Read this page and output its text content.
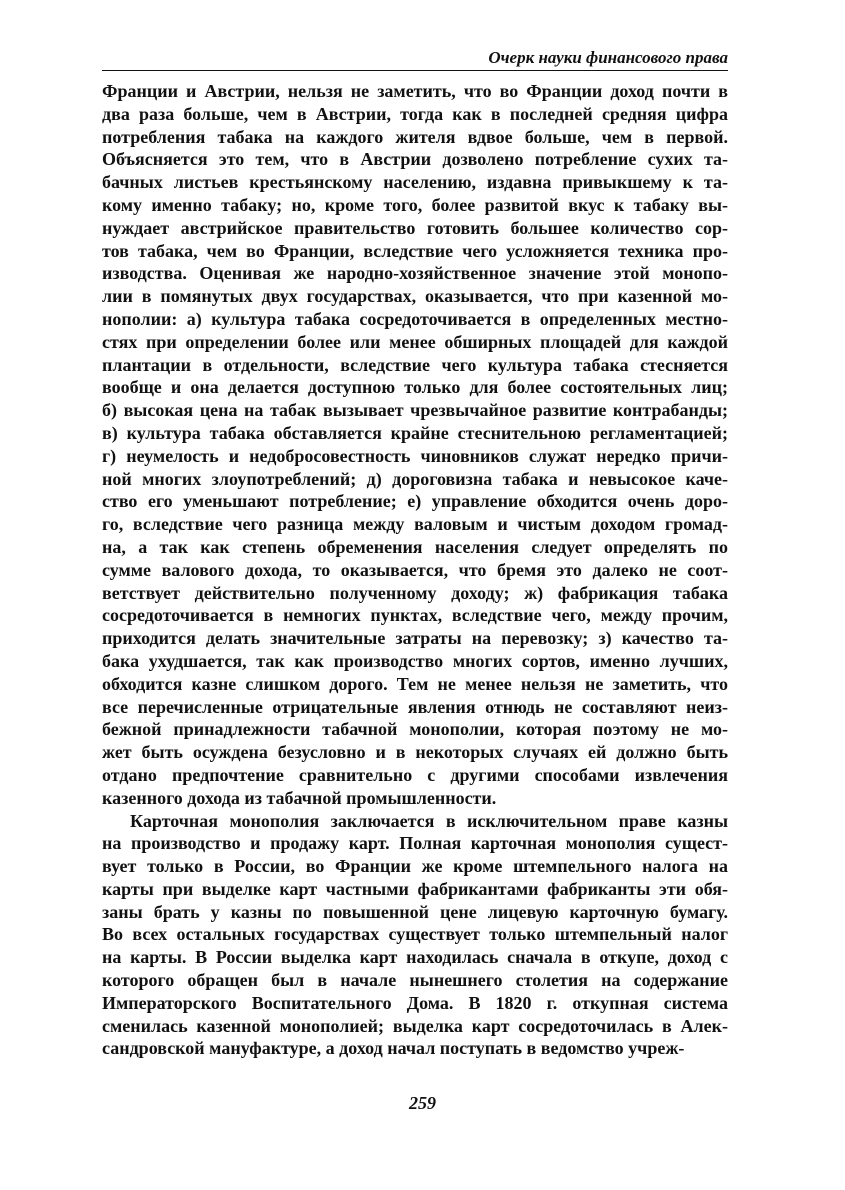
Очерк науки финансового права
Франции и Австрии, нельзя не заметить, что во Франции доход почти в
два раза больше, чем в Австрии, тогда как в последней средняя цифра
потребления табака на каждого жителя вдвое больше, чем в первой.
Объясняется это тем, что в Австрии дозволено потребление сухих та-
бачных листьев крестьянскому населению, издавна привыкшему к та-
кому именно табаку; но, кроме того, более развитой вкус к табаку вы-
нуждает австрийское правительство готовить большее количество сор-
тов табака, чем во Франции, вследствие чего усложняется техника про-
изводства. Оценивая же народно-хозяйственное значение этой монопо-
лии в помянутых двух государствах, оказывается, что при казенной мо-
нополии: а) культура табака сосредоточивается в определенных местно-
стях при определении более или менее обширных площадей для каждой
плантации в отдельности, вследствие чего культура табака стесняется
вообще и она делается доступною только для более состоятельных лиц;
б) высокая цена на табак вызывает чрезвычайное развитие контрабанды;
в) культура табака обставляется крайне стеснительною регламентацией;
г) неумелость и недобросовестность чиновников служат нередко причи-
ной многих злоупотреблений; д) дороговизна табака и невысокое каче-
ство его уменьшают потребление; е) управление обходится очень доро-
го, вследствие чего разница между валовым и чистым доходом громад-
на, а так как степень обременения населения следует определять по
сумме валового дохода, то оказывается, что бремя это далеко не соот-
ветствует действительно полученному доходу; ж) фабрикация табака
сосредоточивается в немногих пунктах, вследствие чего, между прочим,
приходится делать значительные затраты на перевозку; з) качество та-
бака ухудшается, так как производство многих сортов, именно лучших,
обходится казне слишком дорого. Тем не менее нельзя не заметить, что
все перечисленные отрицательные явления отнюдь не составляют неиз-
бежной принадлежности табачной монополии, которая поэтому не мо-
жет быть осуждена безусловно и в некоторых случаях ей должно быть
отдано предпочтение сравнительно с другими способами извлечения
казенного дохода из табачной промышленности.
Карточная монополия заключается в исключительном праве казны
на производство и продажу карт. Полная карточная монополия сущест-
вует только в России, во Франции же кроме штемпельного налога на
карты при выделке карт частными фабрикантами фабриканты эти обя-
заны брать у казны по повышенной цене лицевую карточную бумагу.
Во всех остальных государствах существует только штемпельный налог
на карты. В России выделка карт находилась сначала в откупе, доход с
которого обращен был в начале нынешнего столетия на содержание
Императорского Воспитательного Дома. В 1820 г. откупная система
сменилась казенной монополией; выделка карт сосредоточилась в Алек-
сандровской мануфактуре, а доход начал поступать в ведомство учреж-
259
